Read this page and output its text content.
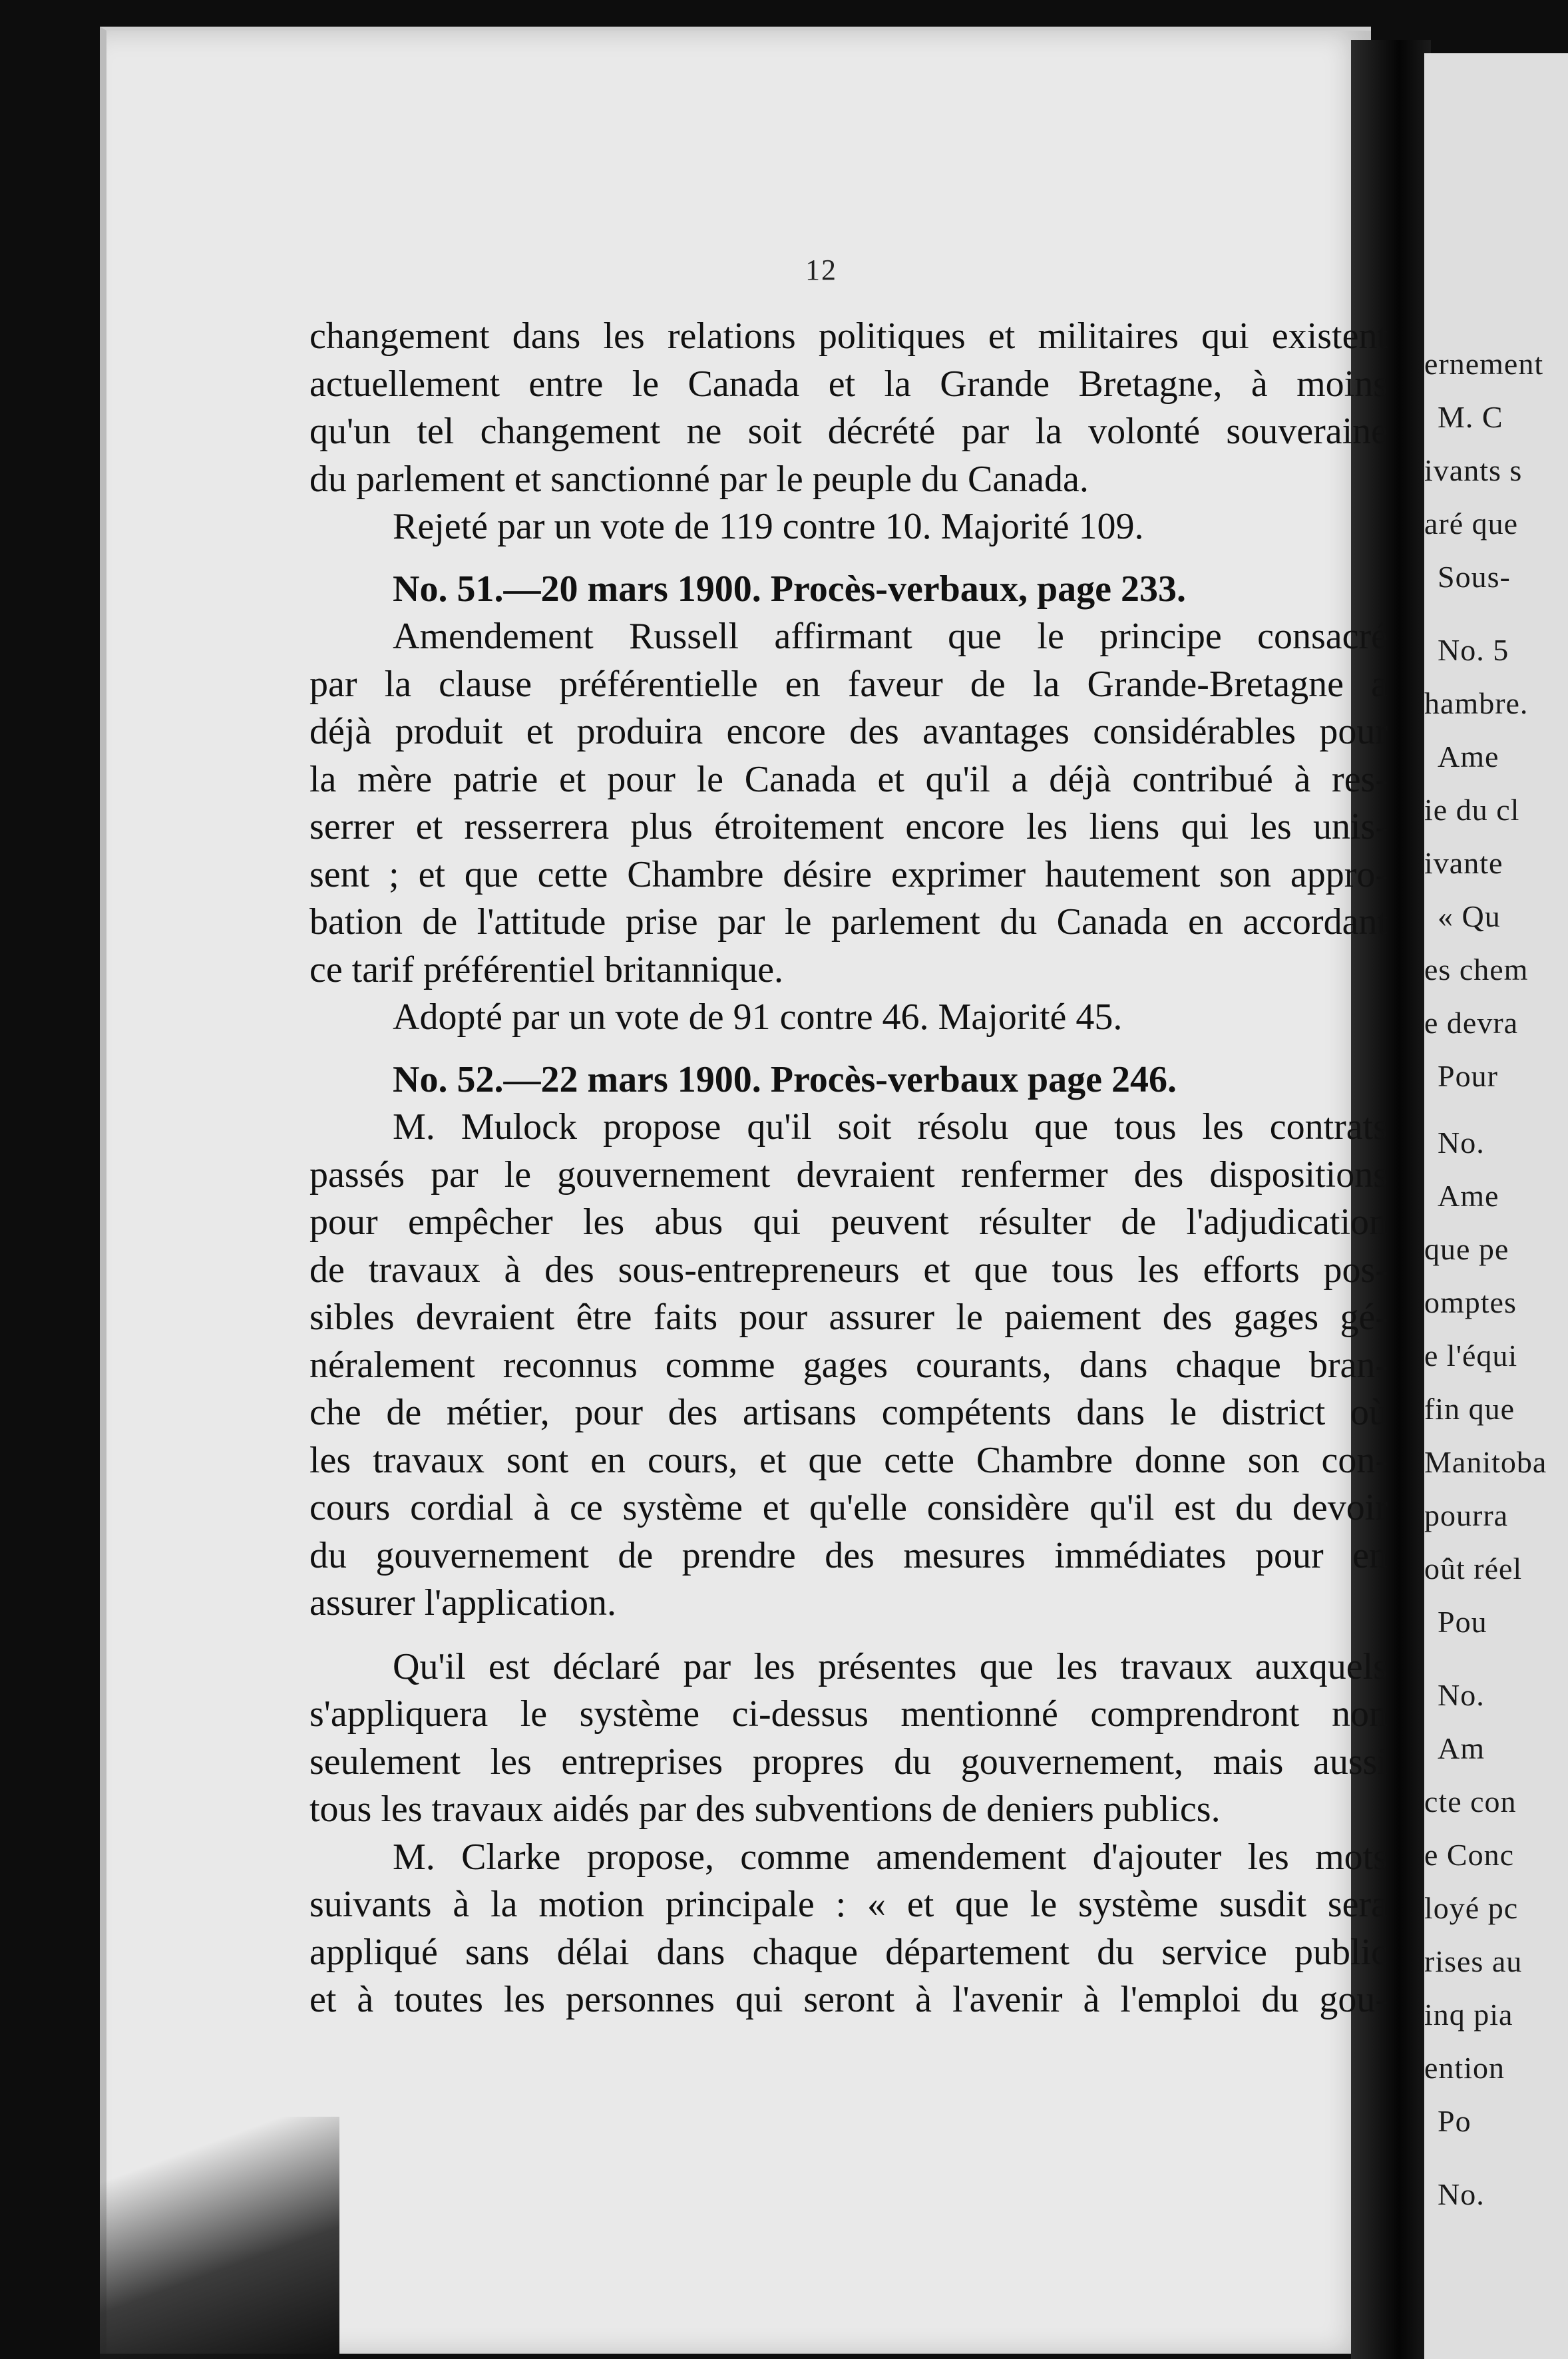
ernement
M. C
ivants s
aré que
Sous-
No. 5
hambre.
Ame
ie du cl
ivante
« Qu
es chem
e devra
Pour
No.
Ame
que pe
omptes
e l'équi
fin que
Manitoba
pourra
oût réel
Pou
No.
Am
cte con
e Conc
loyé pc
rises au
inq pia
ention
Po
No.
12
changement dans les relations politiques et militaires qui existent
actuellement entre le Canada et la Grande Bretagne, à moins
qu'un tel changement ne soit décrété par la volonté souveraine
du parlement et sanctionné par le peuple du Canada.
Rejeté par un vote de 119 contre 10. Majorité 109.
No. 51.—20 mars 1900. Procès-verbaux, page 233.
Amendement Russell affirmant que le principe consacré
par la clause préférentielle en faveur de la Grande-Bretagne a
déjà produit et produira encore des avantages considérables pour
la mère patrie et pour le Canada et qu'il a déjà contribué à res-
serrer et resserrera plus étroitement encore les liens qui les unis-
sent ; et que cette Chambre désire exprimer hautement son appro-
bation de l'attitude prise par le parlement du Canada en accordant
ce tarif préférentiel britannique.
Adopté par un vote de 91 contre 46. Majorité 45.
No. 52.—22 mars 1900. Procès-verbaux page 246.
M. Mulock propose qu'il soit résolu que tous les contrats
passés par le gouvernement devraient renfermer des dispositions
pour empêcher les abus qui peuvent résulter de l'adjudication
de travaux à des sous-entrepreneurs et que tous les efforts pos-
sibles devraient être faits pour assurer le paiement des gages gé-
néralement reconnus comme gages courants, dans chaque bran-
che de métier, pour des artisans compétents dans le district où
les travaux sont en cours, et que cette Chambre donne son con-
cours cordial à ce système et qu'elle considère qu'il est du devoir
du gouvernement de prendre des mesures immédiates pour en
assurer l'application.
Qu'il est déclaré par les présentes que les travaux auxquels
s'appliquera le système ci-dessus mentionné comprendront non
seulement les entreprises propres du gouvernement, mais aussi
tous les travaux aidés par des subventions de deniers publics.
M. Clarke propose, comme amendement d'ajouter les mots
suivants à la motion principale : « et que le système susdit sera
appliqué sans délai dans chaque département du service public
et à toutes les personnes qui seront à l'avenir à l'emploi du gou-
